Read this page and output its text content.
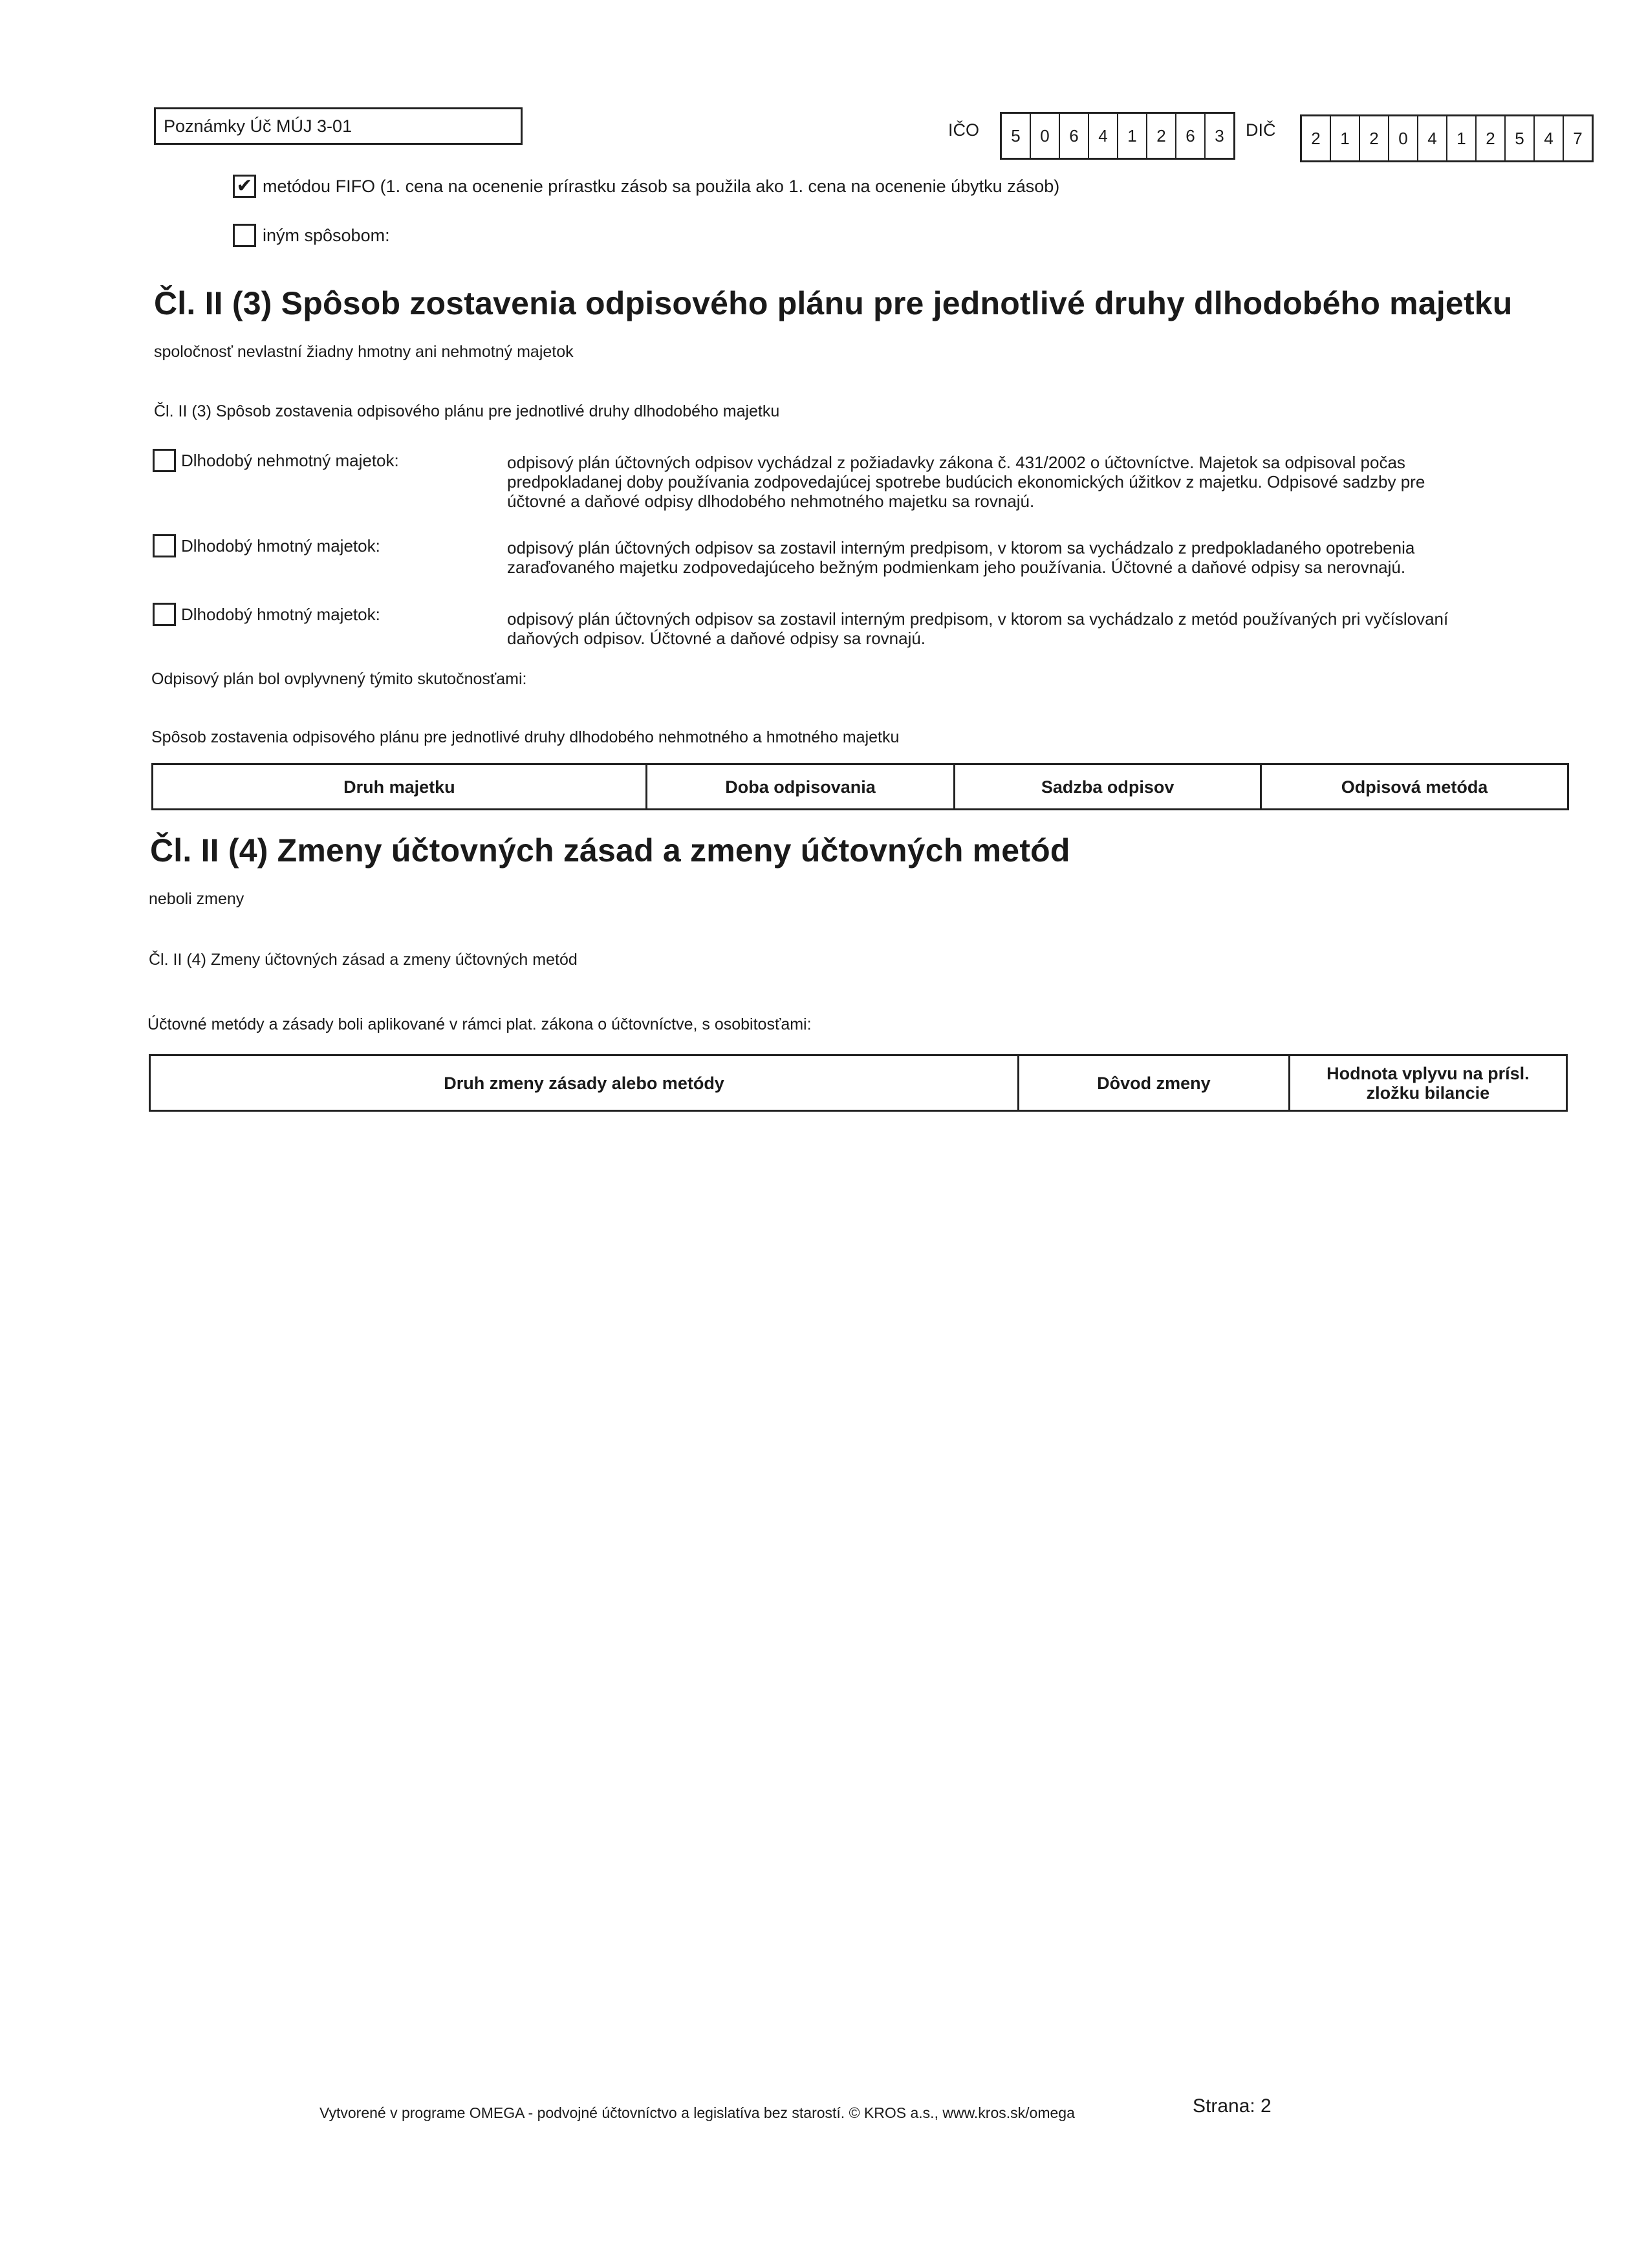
Poznámky Úč MÚJ 3-01	IČO	5	0	6	4	1	2	6	3	DIČ	2	1	2	0	4	1	2	5	4	7
✔ metódou FIFO (1. cena na ocenenie prírastku zásob sa použila ako 1. cena na ocenenie úbytku zásob)
iným spôsobom:
Čl. II (3) Spôsob zostavenia odpisového plánu pre jednotlivé druhy dlhodobého majetku
spoločnosť nevlastní žiadny hmotny ani nehmotný majetok
Čl. II (3) Spôsob zostavenia odpisového plánu pre jednotlivé druhy dlhodobého majetku
Dlhodobý nehmotný majetok:	odpisový plán účtovných odpisov vychádzal z požiadavky zákona č. 431/2002 o účtovníctve. Majetok sa odpisoval počas
predpokladanej doby používania zodpovedajúcej spotrebe budúcich ekonomických úžitkov z majetku. Odpisové sadzby pre
účtovné a daňové odpisy dlhodobého nehmotného majetku sa rovnajú.
Dlhodobý hmotný majetok:	odpisový plán účtovných odpisov sa zostavil interným predpisom, v ktorom sa vychádzalo z predpokladaného opotrebenia
zaraďovaného majetku zodpovedajúceho bežným podmienkam jeho používania. Účtovné a daňové odpisy sa nerovnajú.
Dlhodobý hmotný majetok:	odpisový plán účtovných odpisov sa zostavil interným predpisom, v ktorom sa vychádzalo z metód používaných pri vyčíslovaní
daňových odpisov. Účtovné a daňové odpisy sa rovnajú.
Odpisový plán bol ovplyvnený týmito skutočnosťami:
Spôsob zostavenia odpisového plánu pre jednotlivé druhy dlhodobého nehmotného a hmotného majetku
Druh majetku	Doba odpisovania	Sadzba odpisov	Odpisová metóda
Čl. II (4) Zmeny účtovných zásad a zmeny účtovných metód
neboli zmeny
Čl. II (4) Zmeny účtovných zásad a zmeny účtovných metód
Účtovné metódy a zásady boli aplikované v rámci plat. zákona o účtovníctve, s osobitosťami:
Druh zmeny zásady alebo metódy	Dôvod zmeny	Hodnota vplyvu na prísl.
zložku bilancie
Vytvorené v programe OMEGA - podvojné účtovníctvo a legislatíva bez starostí. © KROS a.s., www.kros.sk/omega	Strana: 2
